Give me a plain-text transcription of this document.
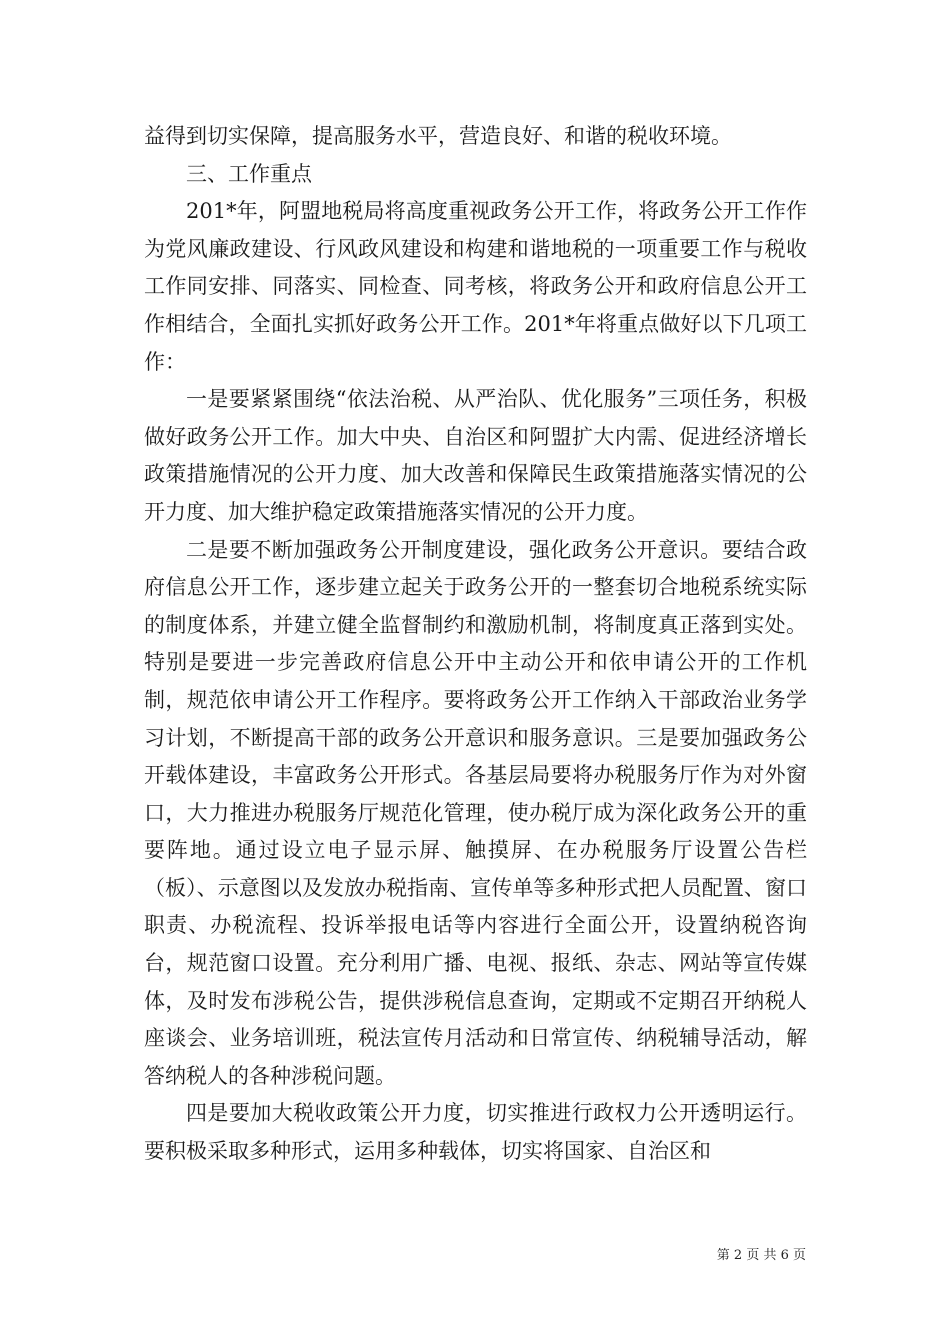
益得到切实保障，提高服务水平，营造良好、和谐的税收环境。

三、工作重点

201*年，阿盟地税局将高度重视政务公开工作，将政务公开工作作为党风廉政建设、行风政风建设和构建和谐地税的一项重要工作与税收工作同安排、同落实、同检查、同考核，将政务公开和政府信息公开工作相结合，全面扎实抓好政务公开工作。201*年将重点做好以下几项工作：

一是要紧紧围绕“依法治税、从严治队、优化服务”三项任务，积极做好政务公开工作。加大中央、自治区和阿盟扩大内需、促进经济增长政策措施情况的公开力度、加大改善和保障民生政策措施落实情况的公开力度、加大维护稳定政策措施落实情况的公开力度。

二是要不断加强政务公开制度建设，强化政务公开意识。要结合政府信息公开工作，逐步建立起关于政务公开的一整套切合地税系统实际的制度体系，并建立健全监督制约和激励机制，将制度真正落到实处。特别是要进一步完善政府信息公开中主动公开和依申请公开的工作机制，规范依申请公开工作程序。要将政务公开工作纳入干部政治业务学习计划，不断提高干部的政务公开意识和服务意识。三是要加强政务公开载体建设，丰富政务公开形式。各基层局要将办税服务厅作为对外窗口，大力推进办税服务厅规范化管理，使办税厅成为深化政务公开的重要阵地。通过设立电子显示屏、触摸屏、在办税服务厅设置公告栏（板）、示意图以及发放办税指南、宣传单等多种形式把人员配置、窗口职责、办税流程、投诉举报电话等内容进行全面公开，设置纳税咨询台，规范窗口设置。充分利用广播、电视、报纸、杂志、网站等宣传媒体，及时发布涉税公告，提供涉税信息查询，定期或不定期召开纳税人座谈会、业务培训班，税法宣传月活动和日常宣传、纳税辅导活动，解答纳税人的各种涉税问题。

四是要加大税收政策公开力度，切实推进行政权力公开透明运行。要积极采取多种形式，运用多种载体，切实将国家、自治区和

第 2 页 共 6 页
